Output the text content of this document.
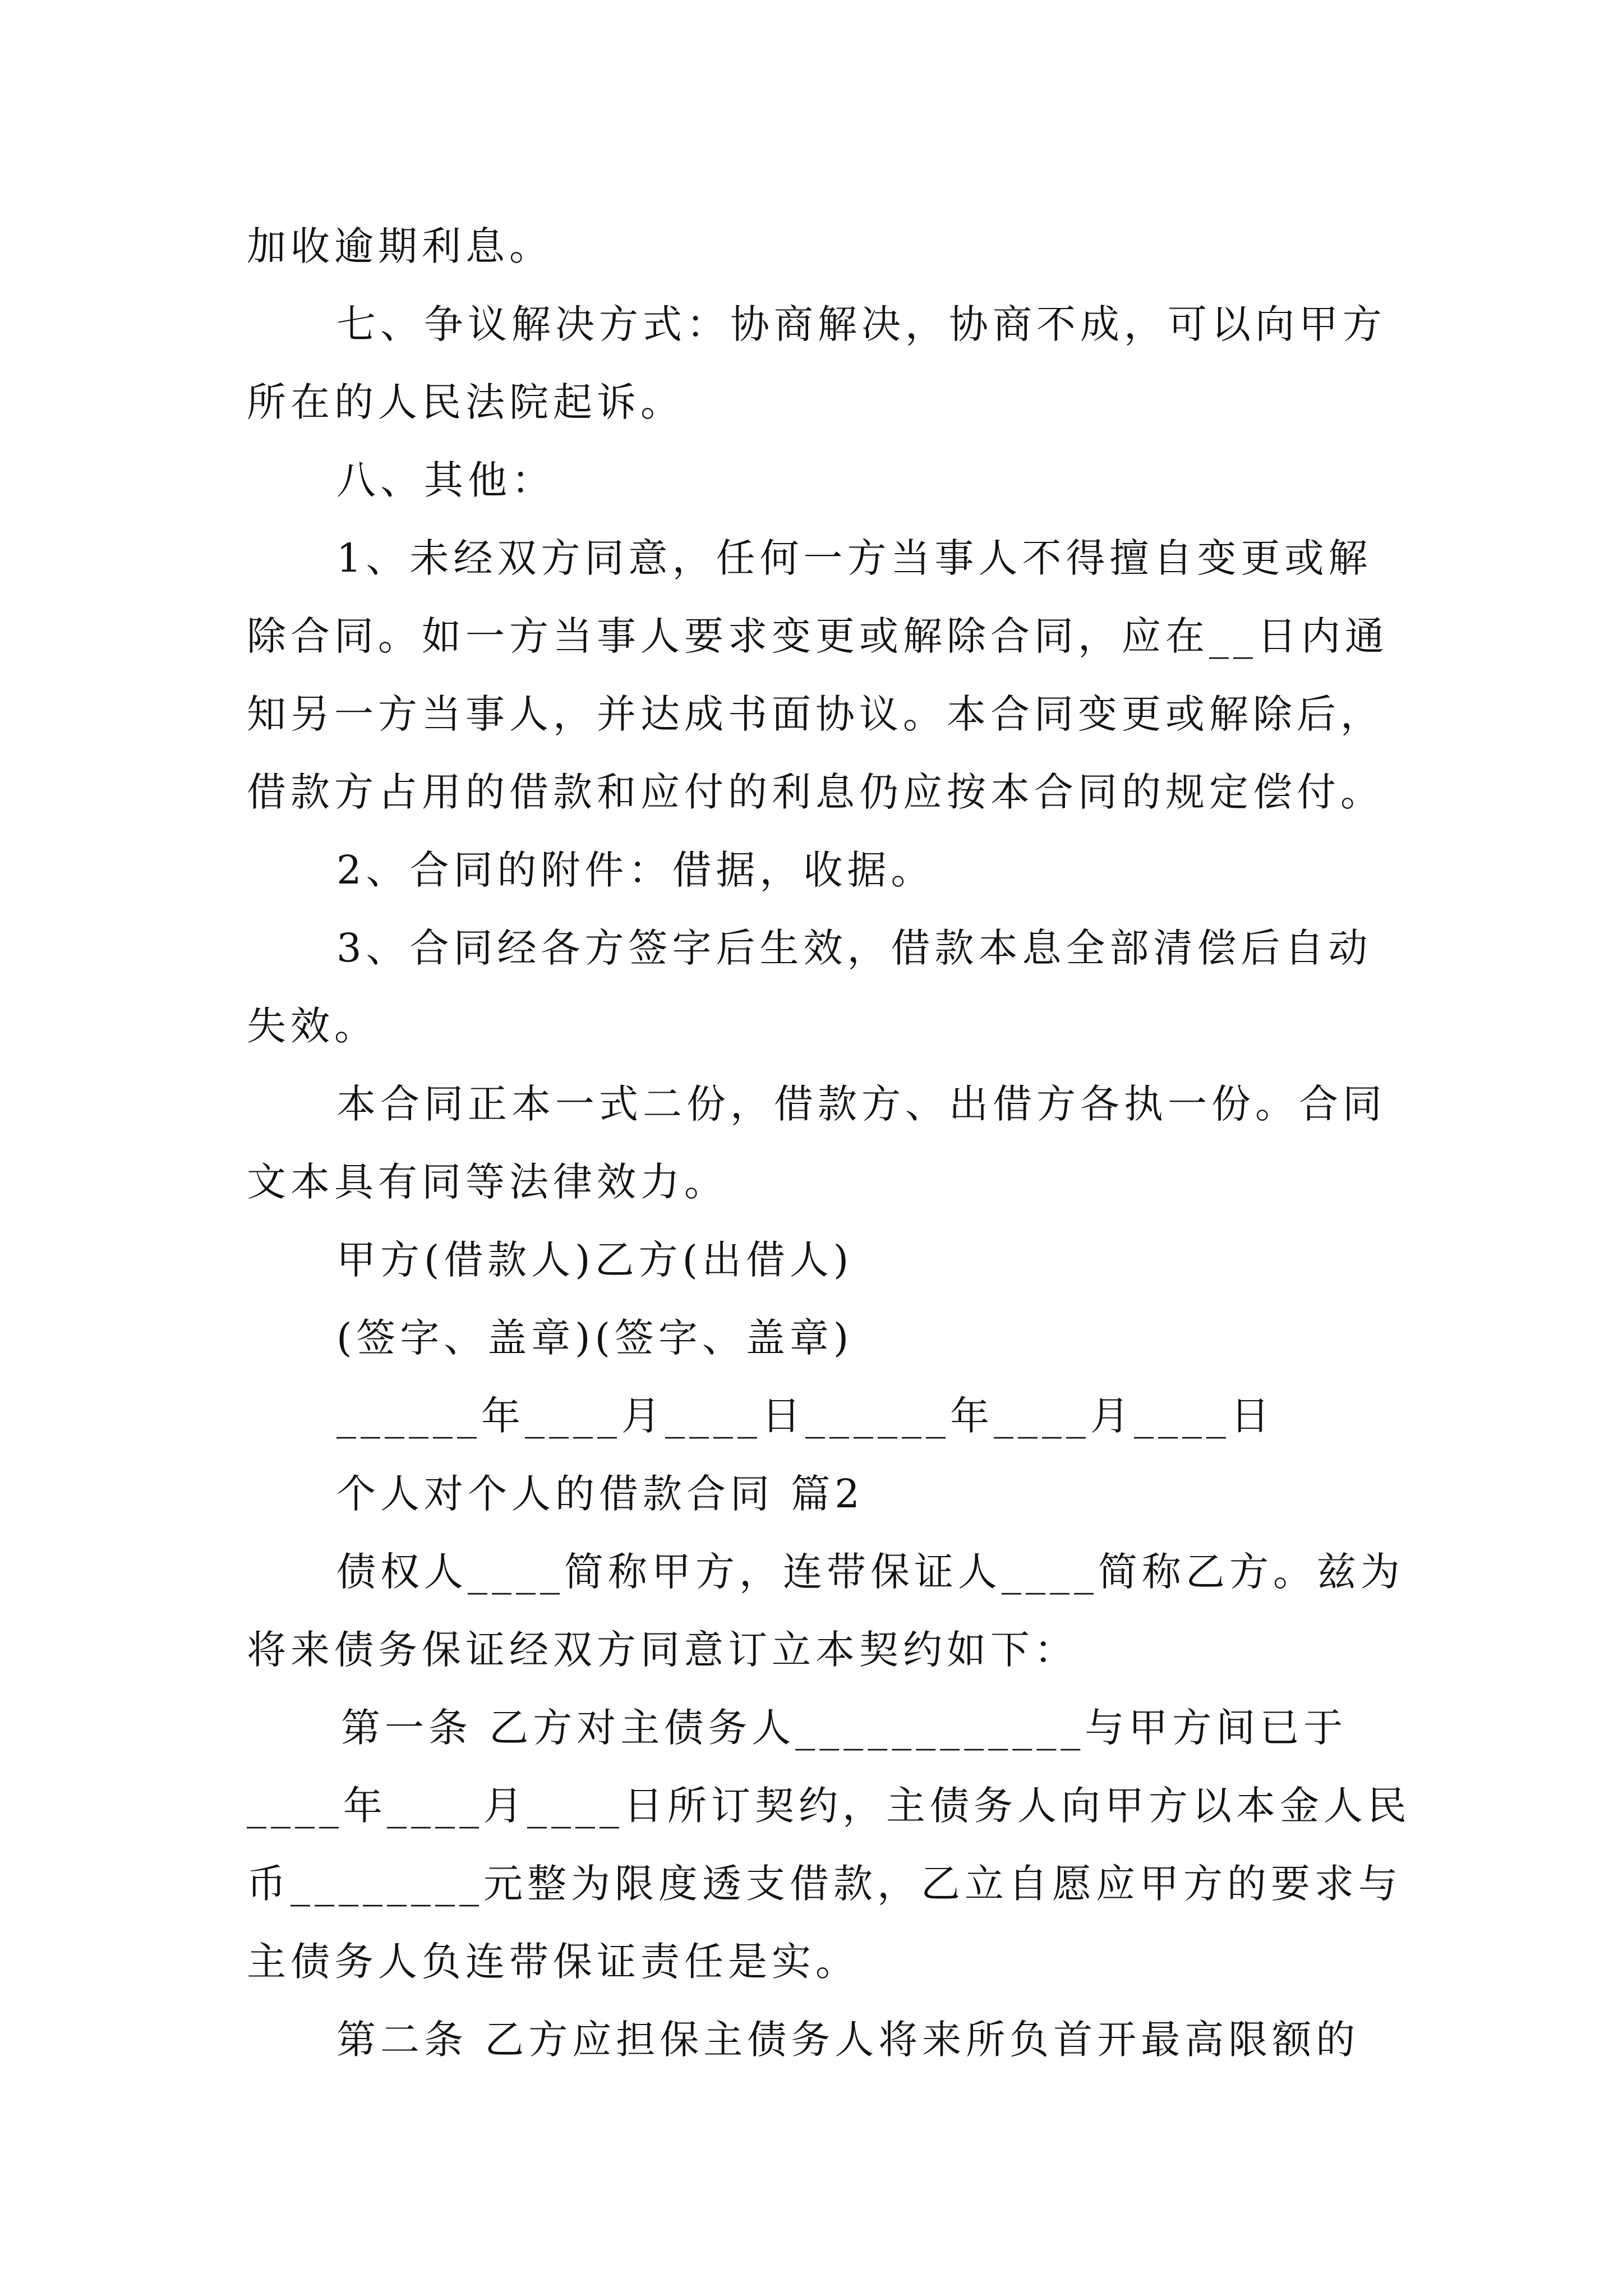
加收逾期利息。
七、争议解决方式：协商解决，协商不成，可以向甲方
所在的人民法院起诉。
八、其他：
1、未经双方同意，任何一方当事人不得擅自变更或解
除合同。如一方当事人要求变更或解除合同，应在__日内通
知另一方当事人，并达成书面协议。本合同变更或解除后，
借款方占用的借款和应付的利息仍应按本合同的规定偿付。
2、合同的附件：借据，收据。
3、合同经各方签字后生效，借款本息全部清偿后自动
失效。
本合同正本一式二份，借款方、出借方各执一份。合同
文本具有同等法律效力。
甲方(借款人)乙方(出借人)
(签字、盖章)(签字、盖章)
______年____月____日______年____月____日
个人对个人的借款合同 篇2
债权人____简称甲方，连带保证人____简称乙方。兹为
将来债务保证经双方同意订立本契约如下：
第一条 乙方对主债务人____________与甲方间已于
____年____月____日所订契约，主债务人向甲方以本金人民
币________元整为限度透支借款，乙立自愿应甲方的要求与
主债务人负连带保证责任是实。
第二条 乙方应担保主债务人将来所负首开最高限额的
